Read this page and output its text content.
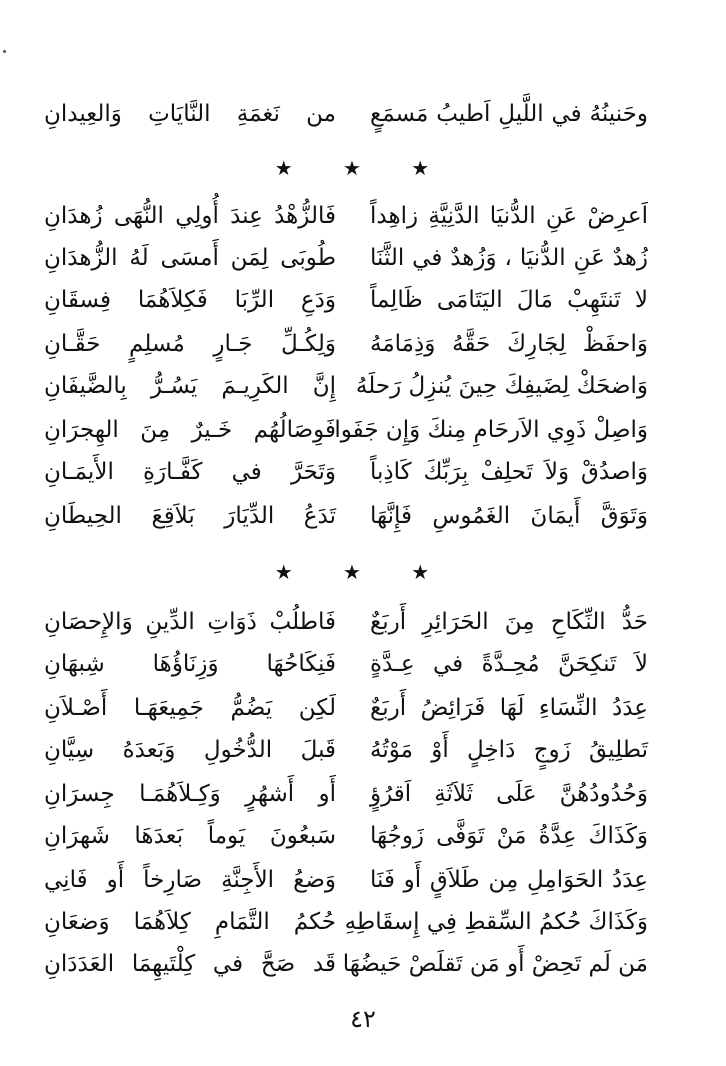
وحَنينُهُ في اللَّيلِ اَطيبُ مَسمَعٍ
من نَغمَةِ النَّايَاتِ وَالعِيدانِ
★ ★ ★
اَعرِضْ عَنِ الدُّنيَا الدَّنِيَّةِ زاهِداً
فَالزُّهْدُ عِندَ أُولِي النُّهَى زُهدَانِ
زُهدٌ عَنِ الدُّنيَا ، وَزُهدٌ في الثَّنَا
طُوبَى لِمَن أَمسَى لَهُ الزُّهدَانِ
لا تَنتَهِبْ مَالَ اليَتَامَى ظَالِماً
وَدَعِ الرِّبَا فَكِلاَهُمَا فِسقَانِ
وَاحفَظْ لِجَارِكَ حَقَّهُ وَذِمَامَهُ
وَلِكُـلِّ جَـارٍ مُسلِمٍ حَقَّـانِ
وَاضحَكْ لِضَيفِكَ حِينَ يُنزِلُ رَحلَهُ
إِنَّ الكَرِيـمَ يَسُـرُّ بِالضَّيفَانِ
وَاصِلْ ذَوِي الاَرحَامِ مِنكَ وَإِن جَفَوا
فَوِصَالُهُم خَـيرٌ مِنَ الهِجرَانِ
وَاصدُقْ وَلاَ تَحلِفْ بِرَبِّكَ كَاذِباً
وَتَحَرَّ في كَفَّـارَةِ الأَيمَـانِ
وَتَوَقَّ أَيمَانَ الغَمُوسِ فَإِنَّهَا
تَدَعُ الدِّيَارَ بَلاَقِعَ الحِيطَانِ
★ ★ ★
حَدُّ النِّكَاحِ مِنَ الحَرَائِرِ أَربَعٌ
فَاطلُبْ ذَوَاتِ الدِّينِ وَالإِحصَانِ
لاَ تَنكِحَنَّ مُحِـدَّةً في عِـدَّةٍ
فَنِكَاحُهَا وَزِنَاؤُهَا شِبهَانِ
عِدَدُ النِّسَاءِ لَهَا فَرَائِضُ أَربَعٌ
لَكِن يَضُمُّ جَمِيعَهَـا أَصْـلاَنِ
تَطلِيقُ زَوجٍ دَاخِلٍ أَوْ مَوْتُهُ
قَبلَ الدُّخُولِ وَبَعدَهُ سِيَّانِ
وَحُدُودُهُنَّ عَلَى ثَلاَثَةِ اَقرُؤٍ
أَو أَشهُرٍ وَكِـلاَهُمَـا جِسرَانِ
وَكَذَاكَ عِدَّةُ مَنْ تَوَفَّى زَوجُهَا
سَبعُونَ يَوماً بَعدَهَا شَهرَانِ
عِدَدُ الحَوَامِلِ مِن طَلاَقٍ أَو فَنَا
وَضعُ الأَجِنَّةِ صَارِخاً أَو فَانِي
وَكَذَاكَ حُكمُ السِّقطِ فِي إِسقَاطِهِ
حُكمُ التَّمَامِ كِلاَهُمَا وَضعَانِ
مَن لَم تَحِضْ أَو مَن تَقلَصْ حَيضُهَا
قَد صَحَّ في كِلْتَيهِمَا العَدَدَانِ
٤٢
